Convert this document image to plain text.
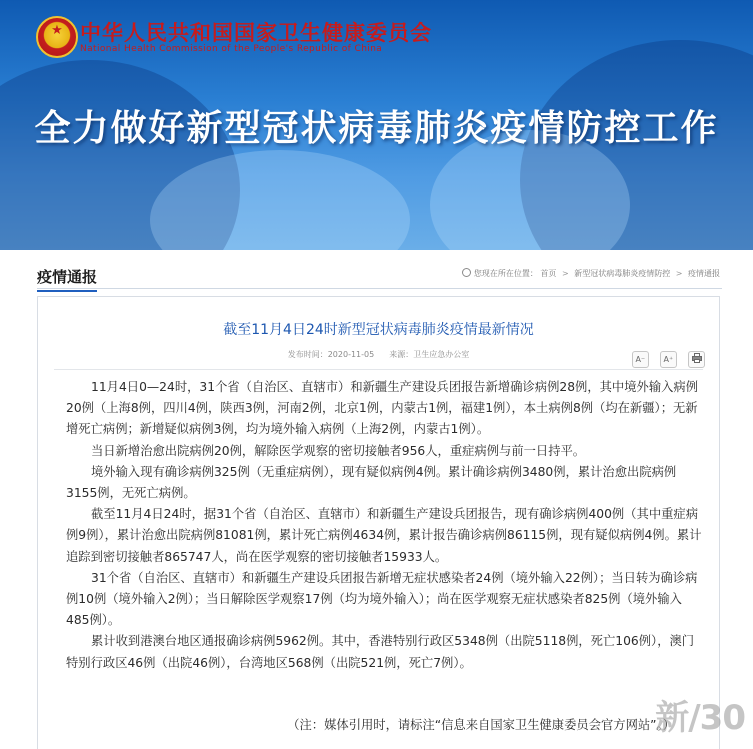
★ 中华人民共和国国家卫生健康委员会
National Health Commission of the People's Republic of China
全力做好新型冠状病毒肺炎疫情防控工作
疫情通报	您现在所在位置： 首页 > 新型冠状病毒肺炎疫情防控 > 疫情通报
截至11月4日24时新型冠状病毒肺炎疫情最新情况
发布时间：2020-11-05 来源：卫生应急办公室
A⁻ A⁺

11月4日0—24时，31个省（自治区、直辖市）和新疆生产建设兵团报告新增确诊病例28例，其中境外输入病例20例（上海8例，四川4例，陕西3例，河南2例，北京1例，内蒙古1例，福建1例），本土病例8例（均在新疆）；无新增死亡病例；新增疑似病例3例，均为境外输入病例（上海2例，内蒙古1例）。

当日新增治愈出院病例20例，解除医学观察的密切接触者956人，重症病例与前一日持平。

境外输入现有确诊病例325例（无重症病例），现有疑似病例4例。累计确诊病例3480例，累计治愈出院病例3155例，无死亡病例。

截至11月4日24时，据31个省（自治区、直辖市）和新疆生产建设兵团报告，现有确诊病例400例（其中重症病例9例），累计治愈出院病例81081例，累计死亡病例4634例，累计报告确诊病例86115例，现有疑似病例4例。累计追踪到密切接触者865747人，尚在医学观察的密切接触者15933人。

31个省（自治区、直辖市）和新疆生产建设兵团报告新增无症状感染者24例（境外输入22例）；当日转为确诊病例10例（境外输入2例）；当日解除医学观察17例（均为境外输入）；尚在医学观察无症状感染者825例（境外输入485例）。

累计收到港澳台地区通报确诊病例5962例。其中，香港特别行政区5348例（出院5118例，死亡106例），澳门特别行政区46例（出院46例），台湾地区568例（出院521例，死亡7例）。

（注：媒体引用时，请标注“信息来自国家卫生健康委员会官方网站”。）
新/30
